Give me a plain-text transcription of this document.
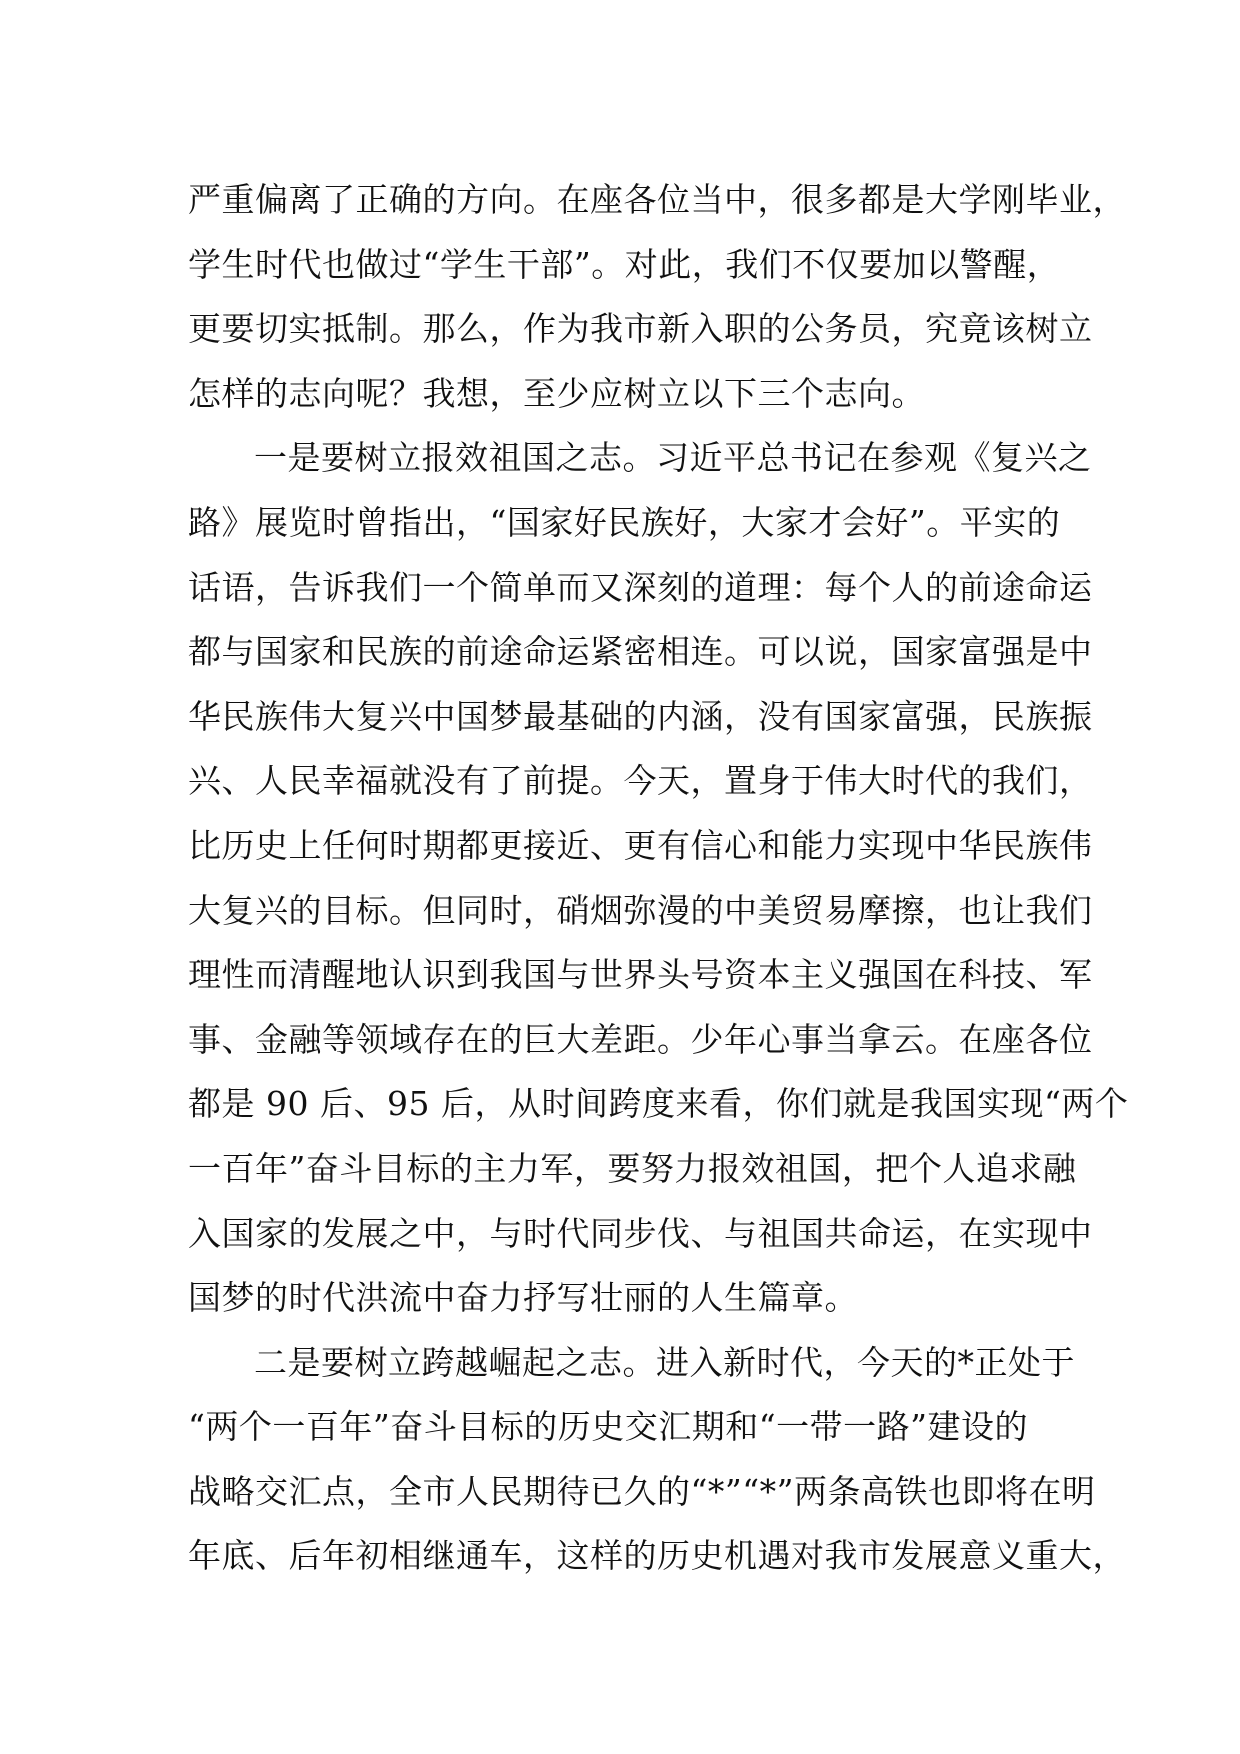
严重偏离了正确的方向。在座各位当中，很多都是大学刚毕业，
学生时代也做过“学生干部”。对此，我们不仅要加以警醒，
更要切实抵制。那么，作为我市新入职的公务员，究竟该树立
怎样的志向呢？我想，至少应树立以下三个志向。
一是要树立报效祖国之志。习近平总书记在参观《复兴之
路》展览时曾指出，“国家好民族好，大家才会好”。平实的
话语，告诉我们一个简单而又深刻的道理：每个人的前途命运
都与国家和民族的前途命运紧密相连。可以说，国家富强是中
华民族伟大复兴中国梦最基础的内涵，没有国家富强，民族振
兴、人民幸福就没有了前提。今天，置身于伟大时代的我们，
比历史上任何时期都更接近、更有信心和能力实现中华民族伟
大复兴的目标。但同时，硝烟弥漫的中美贸易摩擦，也让我们
理性而清醒地认识到我国与世界头号资本主义强国在科技、军
事、金融等领域存在的巨大差距。少年心事当拿云。在座各位
都是 90 后、95 后，从时间跨度来看，你们就是我国实现“两个
一百年”奋斗目标的主力军，要努力报效祖国，把个人追求融
入国家的发展之中，与时代同步伐、与祖国共命运，在实现中
国梦的时代洪流中奋力抒写壮丽的人生篇章。
二是要树立跨越崛起之志。进入新时代，今天的*正处于
“两个一百年”奋斗目标的历史交汇期和“一带一路”建设的
战略交汇点，全市人民期待已久的“*”“*”两条高铁也即将在明
年底、后年初相继通车，这样的历史机遇对我市发展意义重大，
